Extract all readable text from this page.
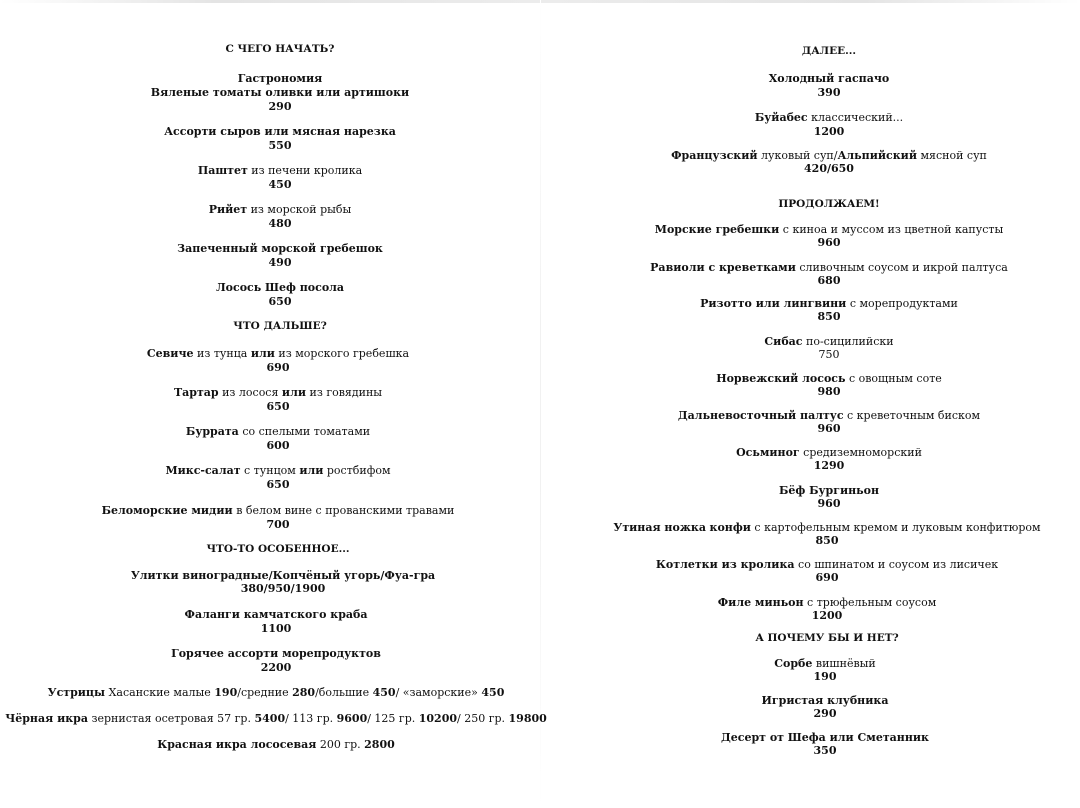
С ЧЕГО НАЧАТЬ?
Гастрономия
Вяленые томаты оливки или артишоки
290
Ассорти сыров или мясная нарезка
550
Паштет из печени кролика
450
Рийет из морской рыбы
480
Запеченный морской гребешок
490
Лосось Шеф посола
650
ЧТО ДАЛЬШЕ?
Севиче из тунца или из морского гребешка
690
Тартар из лосося или из говядины
650
Буррата со спелыми томатами
600
Микс-салат с тунцом или ростбифом
650
Беломорские мидии в белом вине с прованскими травами
700
ЧТО-ТО ОСОБЕННОЕ...
Улитки виноградные/Копчёный угорь/Фуа-гра
380/950/1900
Фаланги камчатского краба
1100
Горячее ассорти морепродуктов
2200
Устрицы Хасанские малые 190/средние 280/большие 450/ «заморские» 450
Чёрная икра зернистая осетровая 57 гр. 5400/ 113 гр. 9600/ 125 гр. 10200/ 250 гр. 19800
Красная икра лососевая 200 гр. 2800
ДАЛЕЕ...
Холодный гаспачо
390
Буйабес классический...
1200
Французский луковый суп/Альпийский мясной суп
420/650
ПРОДОЛЖАЕМ!
Морские гребешки с киноа и муссом из цветной капусты
960
Равиоли с креветками сливочным соусом и икрой палтуса
680
Ризотто или лингвини с морепродуктами
850
Сибас по-сицилийски
750
Норвежский лосось с овощным соте
980
Дальневосточный палтус с креветочным биском
960
Осьминог средиземноморский
1290
Бёф Бургиньон
960
Утиная ножка конфи с картофельным кремом и луковым конфитюром
850
Котлетки из кролика со шпинатом и соусом из лисичек
690
Филе миньон с трюфельным соусом
1200
А ПОЧЕМУ БЫ И НЕТ?
Сорбе вишнёвый
190
Игристая клубника
290
Десерт от Шефа или Сметанник
350
